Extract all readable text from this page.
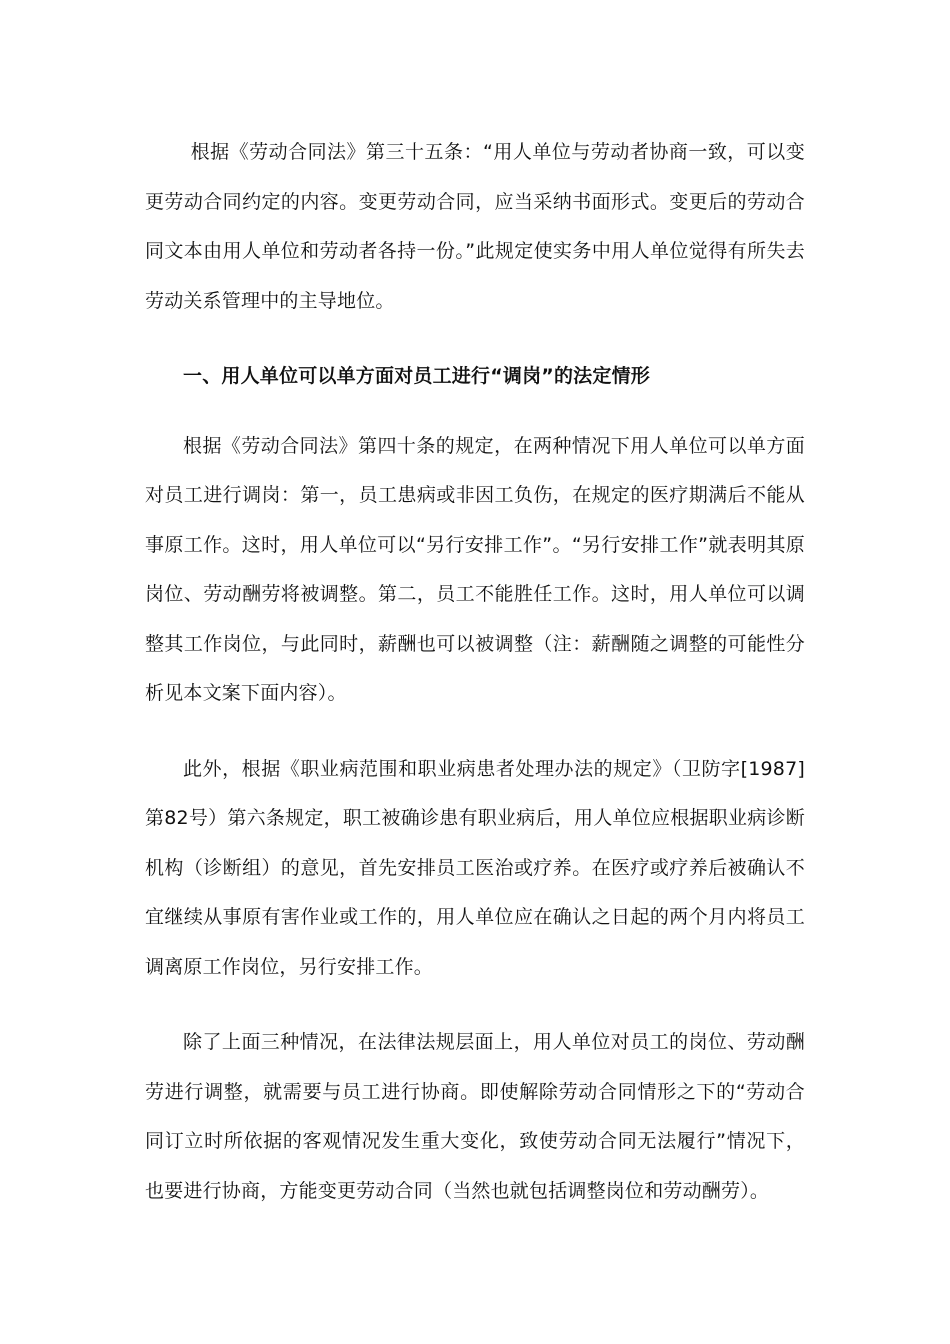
根据《劳动合同法》第三十五条：“用人单位与劳动者协商一致，可以变更劳动合同约定的内容。变更劳动合同，应当采纳书面形式。变更后的劳动合同文本由用人单位和劳动者各持一份。”此规定使实务中用人单位觉得有所失去劳动关系管理中的主导地位。

一、用人单位可以单方面对员工进行“调岗”的法定情形

根据《劳动合同法》第四十条的规定，在两种情况下用人单位可以单方面对员工进行调岗：第一，员工患病或非因工负伤，在规定的医疗期满后不能从事原工作。这时，用人单位可以“另行安排工作”。“另行安排工作”就表明其原岗位、劳动酬劳将被调整。第二，员工不能胜任工作。这时，用人单位可以调整其工作岗位，与此同时，薪酬也可以被调整（注：薪酬随之调整的可能性分析见本文案下面内容）。

此外，根据《职业病范围和职业病患者处理办法的规定》（卫防字[1987]第82号）第六条规定，职工被确诊患有职业病后，用人单位应根据职业病诊断机构（诊断组）的意见，首先安排员工医治或疗养。在医疗或疗养后被确认不宜继续从事原有害作业或工作的，用人单位应在确认之日起的两个月内将员工调离原工作岗位，另行安排工作。

除了上面三种情况，在法律法规层面上，用人单位对员工的岗位、劳动酬劳进行调整，就需要与员工进行协商。即使解除劳动合同情形之下的“劳动合同订立时所依据的客观情况发生重大变化，致使劳动合同无法履行”情况下，也要进行协商，方能变更劳动合同（当然也就包括调整岗位和劳动酬劳）。
